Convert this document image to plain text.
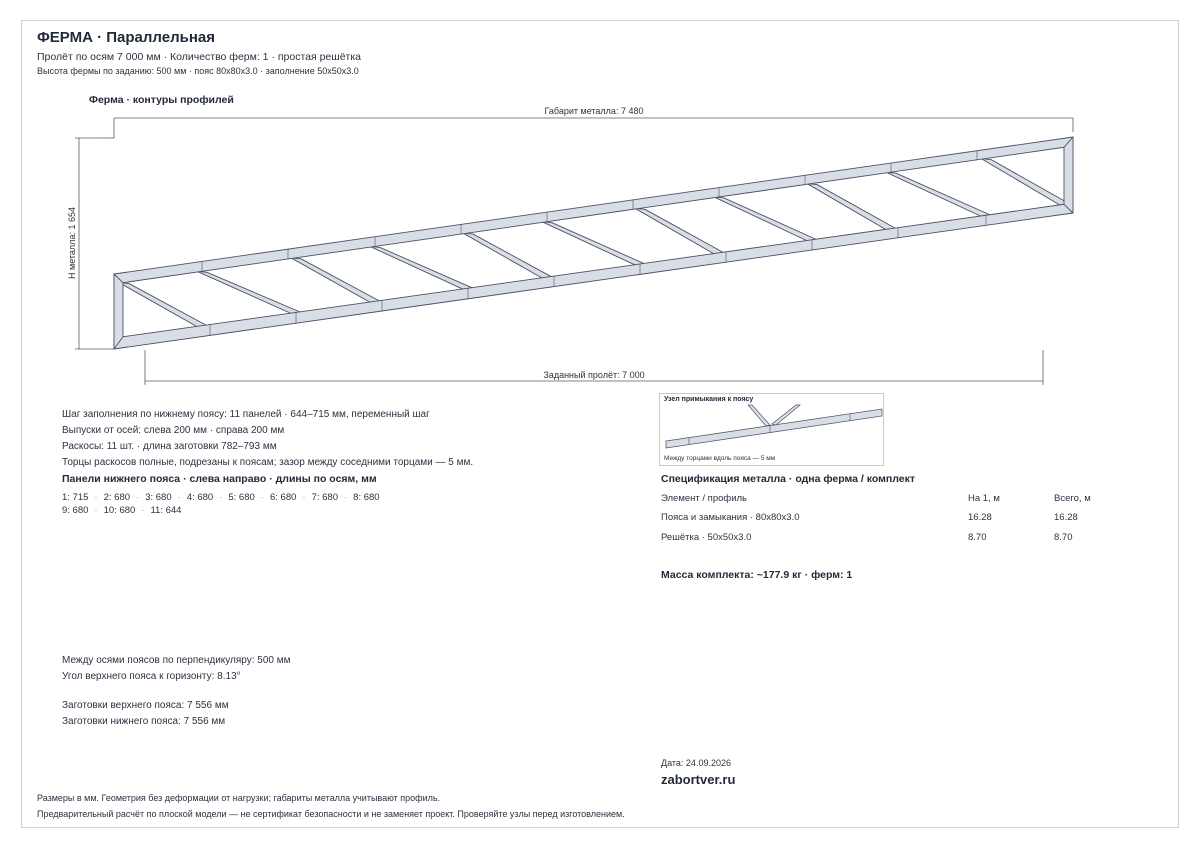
ФЕРМА · Параллельная
Пролёт по осям 7 000 мм · Количество ферм: 1 · простая решётка
Высота фермы по заданию: 500 мм · пояс 80x80x3.0 · заполнение 50x50x3.0
Ферма · контуры профилей
Габарит металла: 7 480
H металла: 1 654
Заданный пролёт: 7 000
Шаг заполнения по нижнему поясу: 11 панелей · 644–715 мм, переменный шаг
Выпуски от осей: слева 200 мм · справа 200 мм
Раскосы: 11 шт. · длина заготовки 782–793 мм
Торцы раскосов полные, подрезаны к поясам; зазор между соседними торцами — 5 мм.
Панели нижнего пояса · слева направо · длины по осям, мм
1: 715 · 2: 680 · 3: 680 · 4: 680 · 5: 680 · 6: 680 · 7: 680 · 8: 680
9: 680 · 10: 680 · 11: 644
Узел примыкания к поясу
Между торцами вдоль пояса — 5 мм
Спецификация металла · одна ферма / комплект
Элемент / профиль	На 1, м	Всего, м
Пояса и замыкания · 80x80x3.0	16.28	16.28
Решётка · 50x50x3.0	8.70	8.70
Масса комплекта: ~177.9 кг · ферм: 1
Между осями поясов по перпендикуляру: 500 мм
Угол верхнего пояса к горизонту: 8.13°
Заготовки верхнего пояса: 7 556 мм
Заготовки нижнего пояса: 7 556 мм
Дата: 24.09.2026
zabortver.ru
Размеры в мм. Геометрия без деформации от нагрузки; габариты металла учитывают профиль.
Предварительный расчёт по плоской модели — не сертификат безопасности и не заменяет проект. Проверяйте узлы перед изготовлением.
